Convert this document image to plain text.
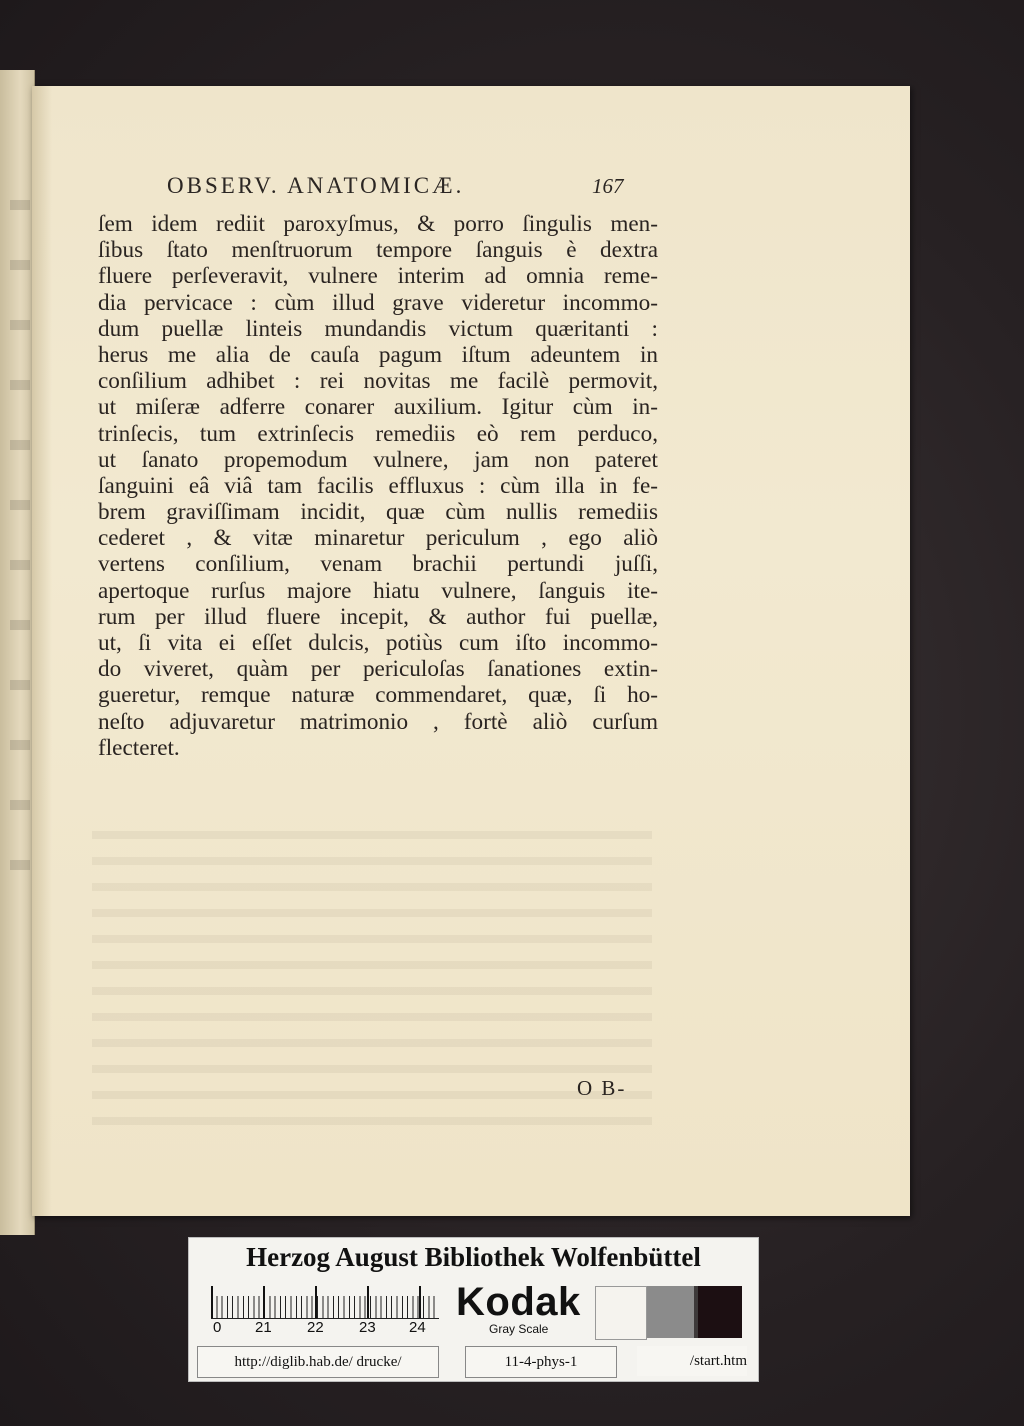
OBSERV. ANATOMICÆ.	167
ſem idem rediit paroxyſmus, & porro ſingulis men-
ſibus ſtato menſtruorum tempore ſanguis è dextra
fluere perſeveravit, vulnere interim ad omnia reme-
dia pervicace : cùm illud grave videretur incommo-
dum puellæ linteis mundandis victum quæritanti :
herus me alia de cauſa pagum iſtum adeuntem in
conſilium adhibet : rei novitas me facilè permovit,
ut miſeræ adferre conarer auxilium. Igitur cùm in-
trinſecis, tum extrinſecis remediis eò rem perduco,
ut ſanato propemodum vulnere, jam non pateret
ſanguini eâ viâ tam facilis effluxus : cùm illa in fe-
brem graviſſimam incidit, quæ cùm nullis remediis
cederet , & vitæ minaretur periculum , ego aliò
vertens conſilium, venam brachii pertundi juſſi,
apertoque rurſus majore hiatu vulnere, ſanguis ite-
rum per illud fluere incepit, & author fui puellæ,
ut, ſi vita ei eſſet dulcis, potiùs cum iſto incommo-
do viveret, quàm per periculoſas ſanationes extin-
gueretur, remque naturæ commendaret, quæ, ſi ho-
neſto adjuvaretur matrimonio , fortè aliò curſum
flecteret.
O B-
Herzog August Bibliothek Wolfenbüttel
0 21 22 23 24
Kodak
Gray Scale
http://diglib.hab.de/ drucke/	11-4-phys-1	/start.htm
